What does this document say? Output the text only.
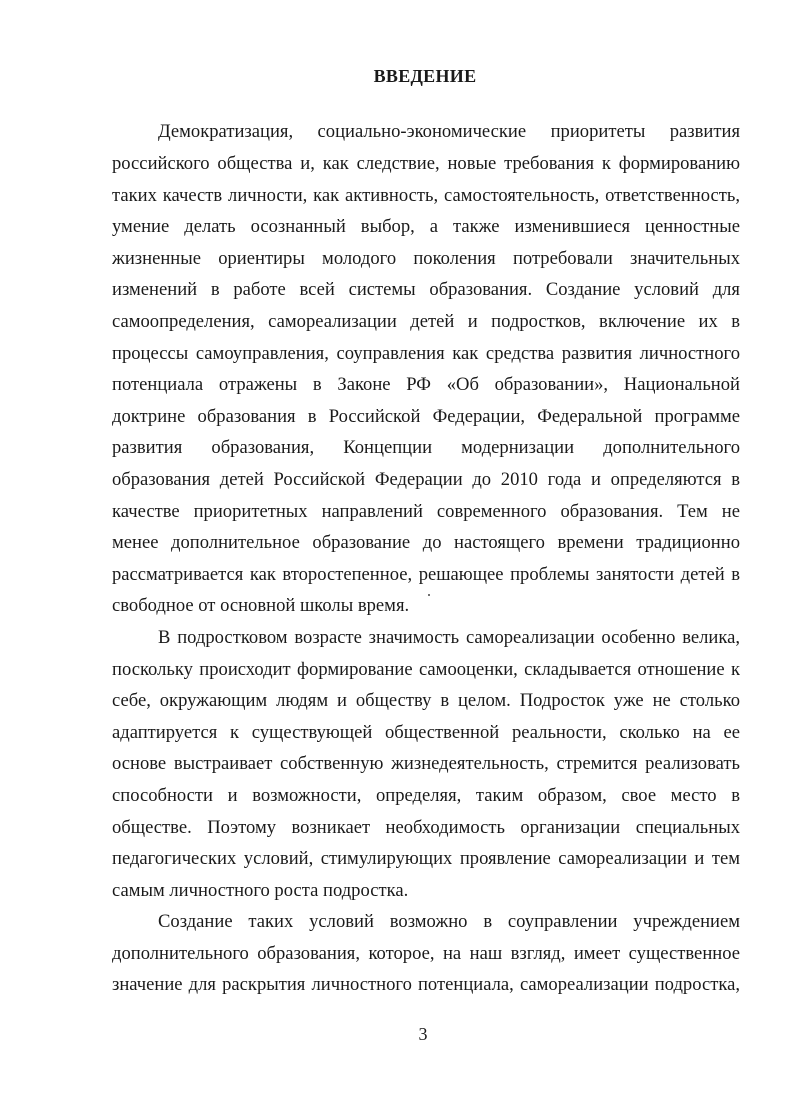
ВВЕДЕНИЕ
Демократизация, социально-экономические приоритеты развития
российского общества и, как следствие, новые требования к формированию
таких качеств личности, как активность, самостоятельность, ответственность,
умение делать осознанный выбор, а также изменившиеся ценностные
жизненные ориентиры молодого поколения потребовали значительных
изменений в работе всей системы образования. Создание условий для
самоопределения, самореализации детей и подростков, включение их в
процессы самоуправления, соуправления как средства развития личностного
потенциала отражены в Законе РФ «Об образовании», Национальной
доктрине образования в Российской Федерации, Федеральной программе
развития образования, Концепции модернизации дополнительного
образования детей Российской Федерации до 2010 года и определяются в
качестве приоритетных направлений современного образования. Тем не
менее дополнительное образование до настоящего времени традиционно
рассматривается как второстепенное, решающее проблемы занятости детей в
свободное от основной школы время.
В подростковом возрасте значимость самореализации особенно велика,
поскольку происходит формирование самооценки, складывается отношение к
себе, окружающим людям и обществу в целом. Подросток уже не столько
адаптируется к существующей общественной реальности, сколько на ее
основе выстраивает собственную жизнедеятельность, стремится реализовать
способности и возможности, определяя, таким образом, свое место в
обществе. Поэтому возникает необходимость организации специальных
педагогических условий, стимулирующих проявление самореализации и тем
самым личностного роста подростка.
Создание таких условий возможно в соуправлении учреждением
дополнительного образования, которое, на наш взгляд, имеет существенное
значение для раскрытия личностного потенциала, самореализации подростка,

3
